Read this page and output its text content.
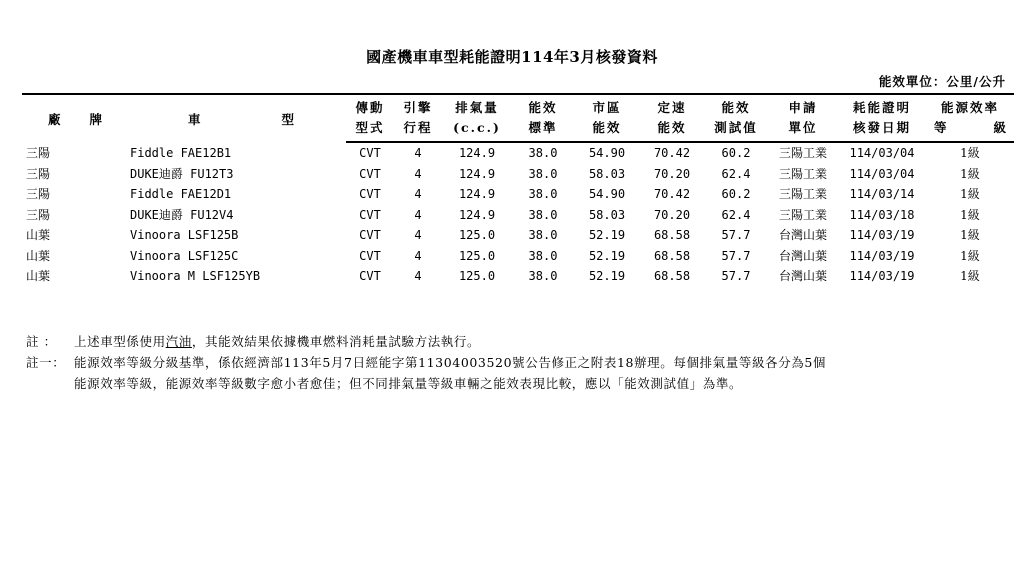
國產機車車型耗能證明114年3月核發資料
能效單位：公里/公升
廠 牌	車 型	傳動	引擎	排氣量	能效	市區	定速	能效	申請	耗能證明	能源效率
		型式	行程	(c.c.)	標準	能效	能效	測試值	單位	核發日期	等 級

三陽	Fiddle FAE12B1	CVT	4	124.9	38.0	54.90	70.42	60.2	三陽工業	114/03/04	1級
三陽	DUKE迪爵 FU12T3	CVT	4	124.9	38.0	58.03	70.20	62.4	三陽工業	114/03/04	1級
三陽	Fiddle FAE12D1	CVT	4	124.9	38.0	54.90	70.42	60.2	三陽工業	114/03/14	1級
三陽	DUKE迪爵 FU12V4	CVT	4	124.9	38.0	58.03	70.20	62.4	三陽工業	114/03/18	1級
山葉	Vinoora LSF125B	CVT	4	125.0	38.0	52.19	68.58	57.7	台灣山葉	114/03/19	1級
山葉	Vinoora LSF125C	CVT	4	125.0	38.0	52.19	68.58	57.7	台灣山葉	114/03/19	1級
山葉	Vinoora M LSF125YB	CVT	4	125.0	38.0	52.19	68.58	57.7	台灣山葉	114/03/19	1級
註 ：	上述車型係使用汽油，其能效結果依據機車燃料消耗量試驗方法執行。
註一： 能源效率等級分級基準，係依經濟部113年5月7日經能字第11304003520號公告修正之附表18辦理。每個排氣量等級各分為5個
能源效率等級，能源效率等級數字愈小者愈佳；但不同排氣量等級車輛之能效表現比較，應以「能效測試值」為準。
